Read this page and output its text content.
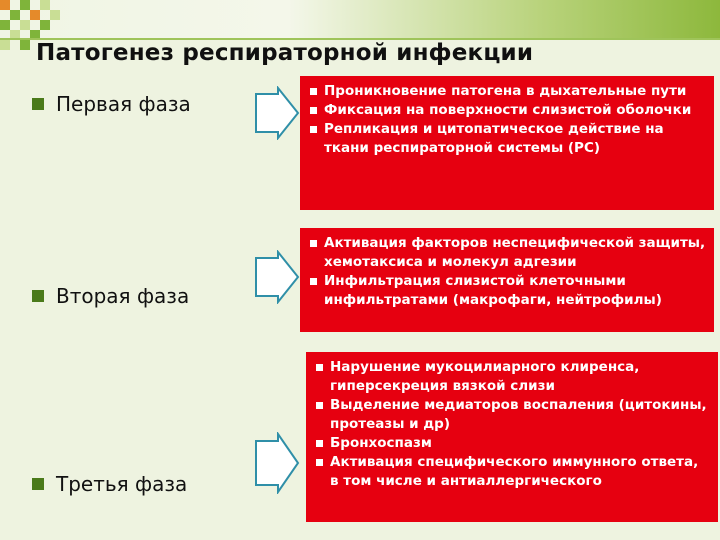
Патогенез респираторной инфекции
Первая фаза
Проникновение патогена в дыхательные пути
Фиксация на поверхности слизистой оболочки
Репликация и цитопатическое действие на ткани респираторной системы (РС)
Вторая фаза
Активация факторов неспецифической защиты, хемотаксиса и молекул адгезии
Инфильтрация слизистой клеточными инфильтратами (макрофаги, нейтрофилы)
Третья фаза
Нарушение мукоцилиарного клиренса, гиперсекреция вязкой слизи
Выделение медиаторов воспаления (цитокины, протеазы и др)
Бронхоспазм
Активация специфического иммунного ответа, в том числе и антиаллергического
